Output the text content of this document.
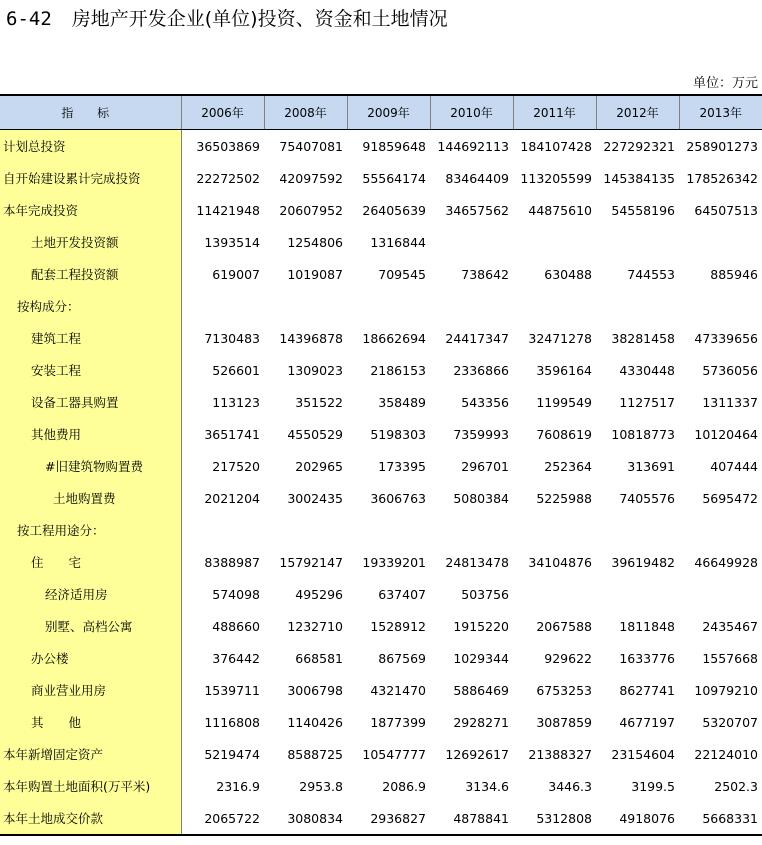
6-42 房地产开发企业(单位)投资、资金和土地情况
单位：万元
指 标	2006年	2008年	2009年	2010年	2011年	2012年	2013年
计划总投资	36503869	75407081	91859648	144692113	184107428	227292321	258901273
自开始建设累计完成投资	22272502	42097592	55564174	83464409	113205599	145384135	178526342
本年完成投资	11421948	20607952	26405639	34657562	44875610	54558196	64507513
土地开发投资额	1393514	1254806	1316844				
配套工程投资额	619007	1019087	709545	738642	630488	744553	885946
按构成分：							
建筑工程	7130483	14396878	18662694	24417347	32471278	38281458	47339656
安装工程	526601	1309023	2186153	2336866	3596164	4330448	5736056
设备工器具购置	113123	351522	358489	543356	1199549	1127517	1311337
其他费用	3651741	4550529	5198303	7359993	7608619	10818773	10120464
#旧建筑物购置费	217520	202965	173395	296701	252364	313691	407444
土地购置费	2021204	3002435	3606763	5080384	5225988	7405576	5695472
按工程用途分：							
住　　宅	8388987	15792147	19339201	24813478	34104876	39619482	46649928
经济适用房	574098	495296	637407	503756			
别墅、高档公寓	488660	1232710	1528912	1915220	2067588	1811848	2435467
办公楼	376442	668581	867569	1029344	929622	1633776	1557668
商业营业用房	1539711	3006798	4321470	5886469	6753253	8627741	10979210
其　　他	1116808	1140426	1877399	2928271	3087859	4677197	5320707
本年新增固定资产	5219474	8588725	10547777	12692617	21388327	23154604	22124010
本年购置土地面积(万平米)	2316.9	2953.8	2086.9	3134.6	3446.3	3199.5	2502.3
本年土地成交价款	2065722	3080834	2936827	4878841	5312808	4918076	5668331
